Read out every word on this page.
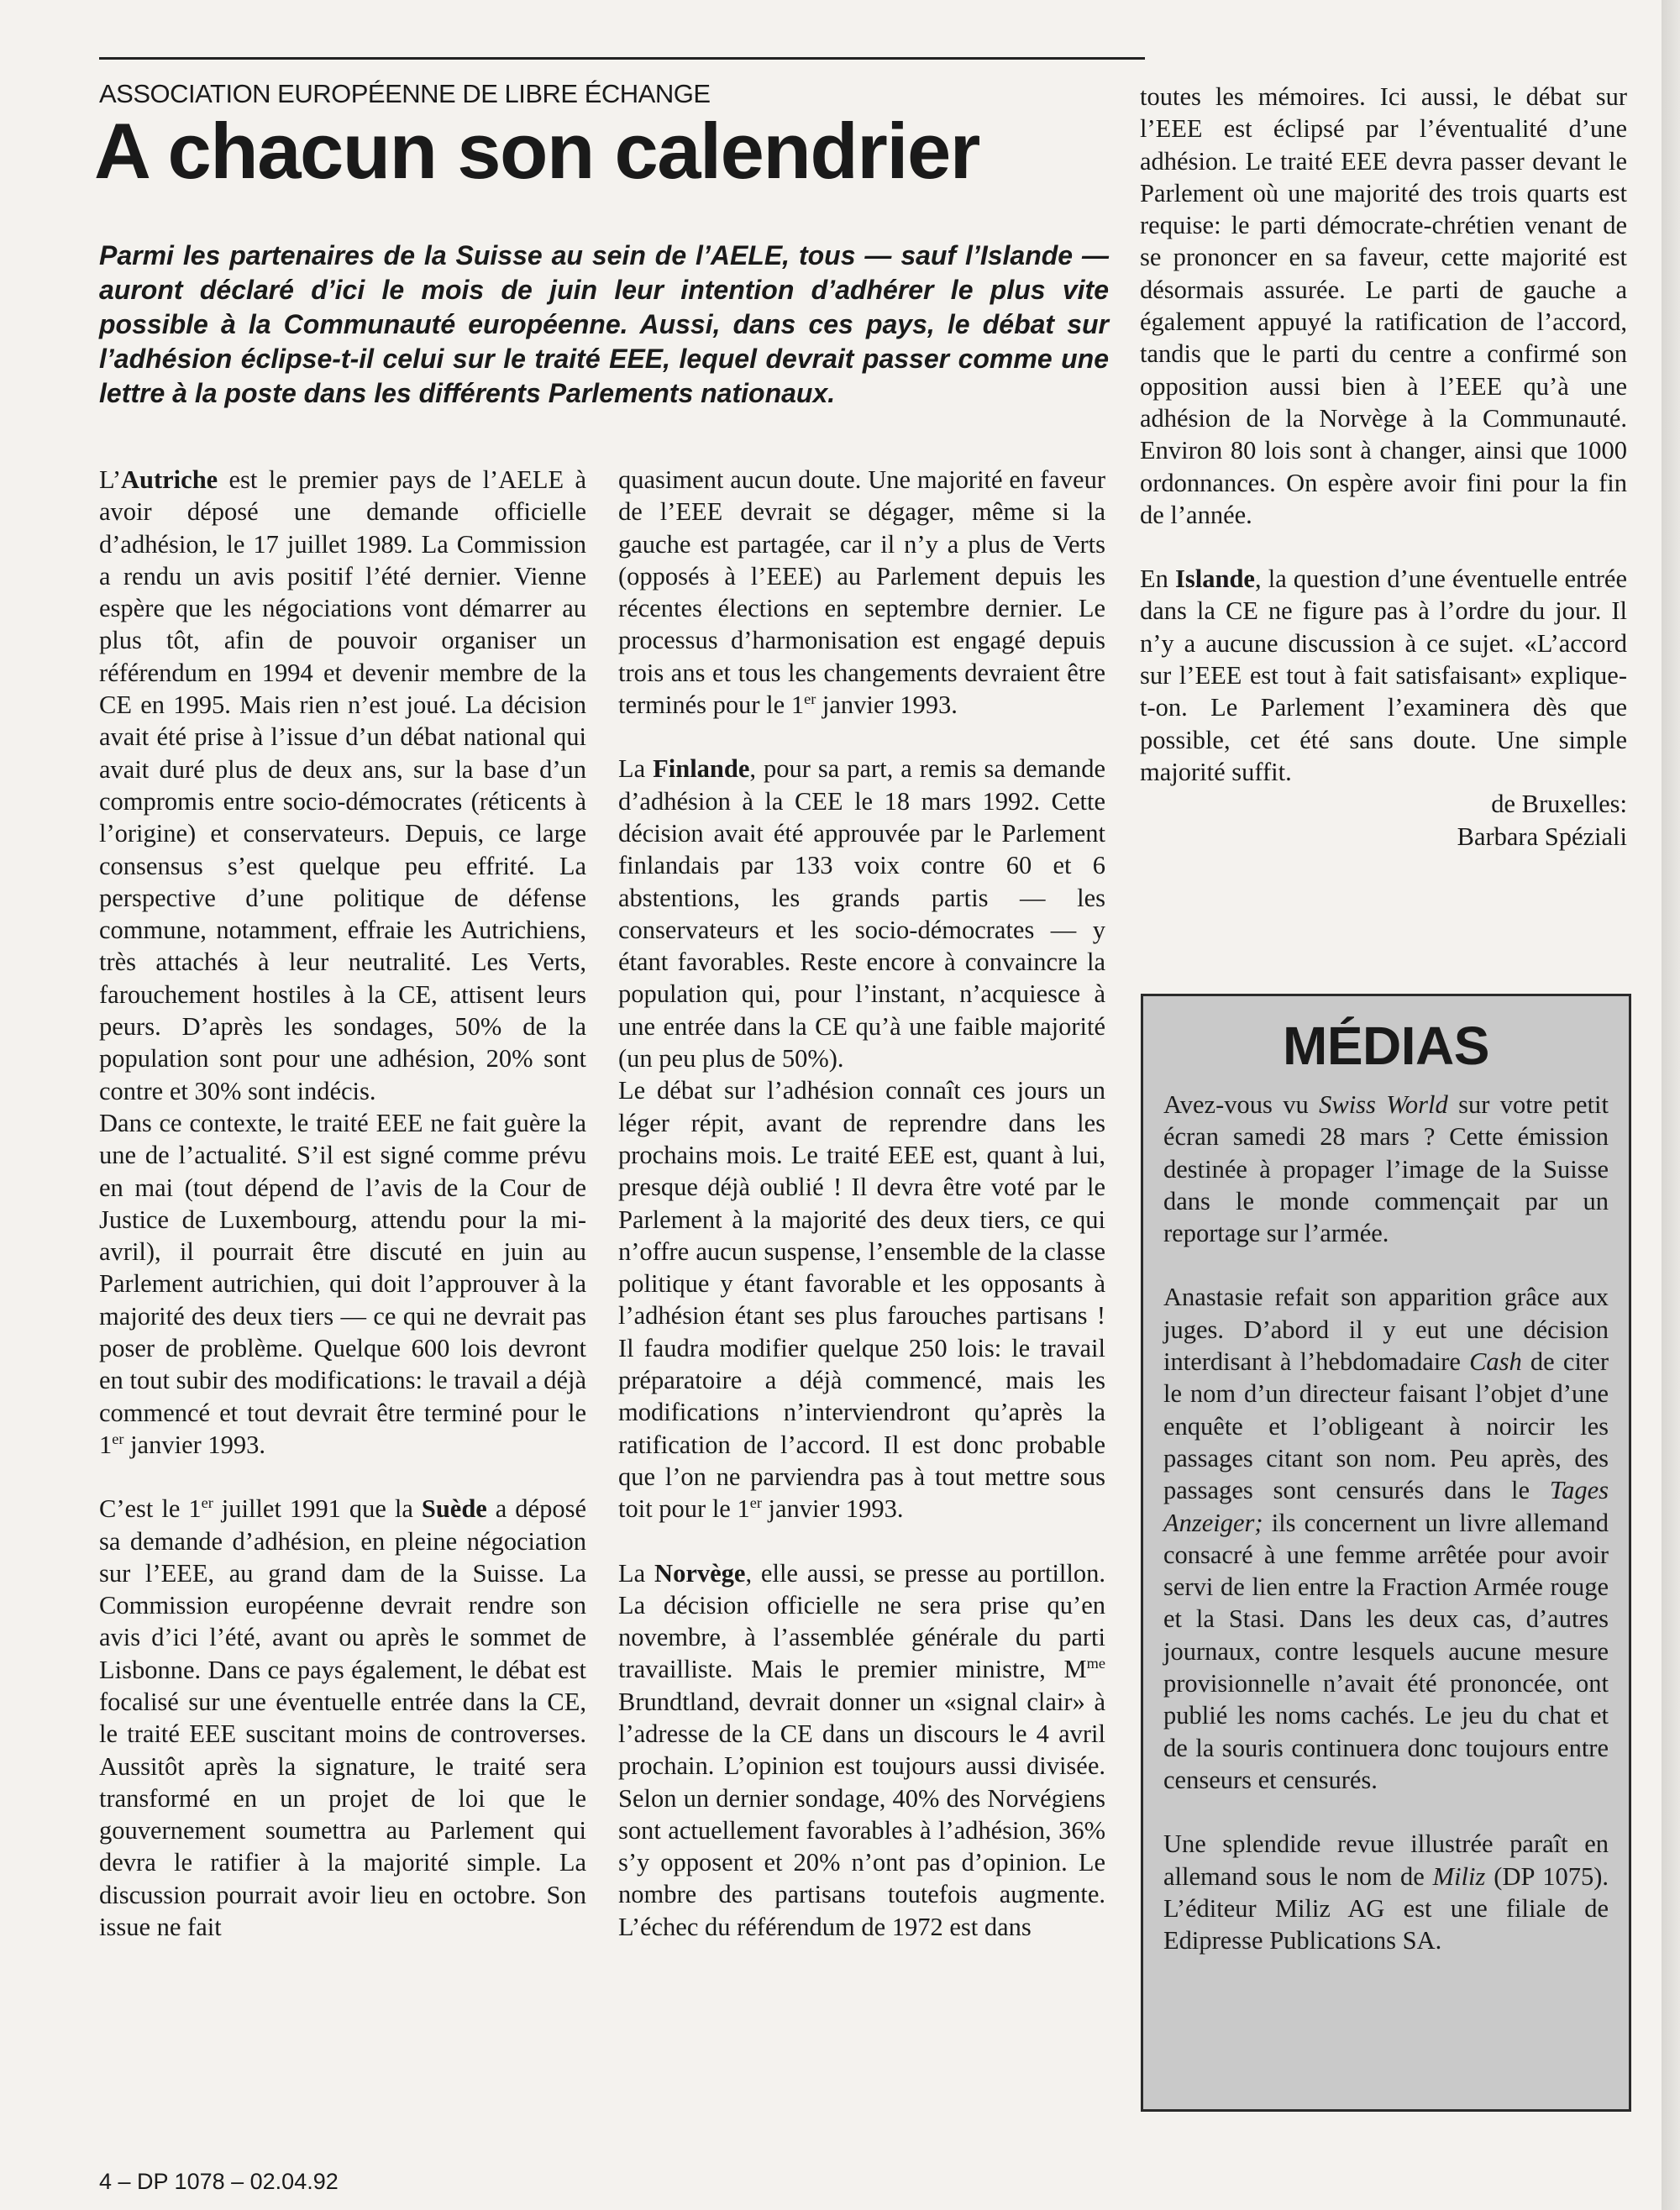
ASSOCIATION EUROPÉENNE DE LIBRE ÉCHANGE
A chacun son calendrier

Parmi les partenaires de la Suisse au sein de l’AELE, tous — sauf l’Islande — auront déclaré d’ici le mois de juin leur intention d’adhérer le plus vite possible à la Communauté européenne. Aussi, dans ces pays, le débat sur l’adhésion éclipse-t-il celui sur le traité EEE, lequel devrait passer comme une lettre à la poste dans les différents Parlements nationaux.

L’Autriche est le premier pays de l’AELE à avoir déposé une demande officielle d’adhésion, le 17 juillet 1989. La Commission a rendu un avis positif l’été dernier. Vienne espère que les négociations vont démarrer au plus tôt, afin de pouvoir organiser un référendum en 1994 et devenir membre de la CE en 1995. Mais rien n’est joué. La décision avait été prise à l’issue d’un débat national qui avait duré plus de deux ans, sur la base d’un compromis entre socio-démocrates (réticents à l’origine) et conservateurs. Depuis, ce large consensus s’est quelque peu effrité. La perspective d’une politique de défense commune, notamment, effraie les Autrichiens, très attachés à leur neutralité. Les Verts, farouchement hostiles à la CE, attisent leurs peurs. D’après les sondages, 50% de la population sont pour une adhésion, 20% sont contre et 30% sont indécis.

Dans ce contexte, le traité EEE ne fait guère la une de l’actualité. S’il est signé comme prévu en mai (tout dépend de l’avis de la Cour de Justice de Luxembourg, attendu pour la mi-avril), il pourrait être discuté en juin au Parlement autrichien, qui doit l’approuver à la majorité des deux tiers — ce qui ne devrait pas poser de problème. Quelque 600 lois devront en tout subir des modifications: le travail a déjà commencé et tout devrait être terminé pour le 1er janvier 1993.

C’est le 1er juillet 1991 que la Suède a déposé sa demande d’adhésion, en pleine négociation sur l’EEE, au grand dam de la Suisse. La Commission européenne devrait rendre son avis d’ici l’été, avant ou après le sommet de Lisbonne. Dans ce pays également, le débat est focalisé sur une éventuelle entrée dans la CE, le traité EEE suscitant moins de controverses. Aussitôt après la signature, le traité sera transformé en un projet de loi que le gouvernement soumettra au Parlement qui devra le ratifier à la majorité simple. La discussion pourrait avoir lieu en octobre. Son issue ne fait

quasiment aucun doute. Une majorité en faveur de l’EEE devrait se dégager, même si la gauche est partagée, car il n’y a plus de Verts (opposés à l’EEE) au Parlement depuis les récentes élections en septembre dernier. Le processus d’harmonisation est engagé depuis trois ans et tous les changements devraient être terminés pour le 1er janvier 1993.

La Finlande, pour sa part, a remis sa demande d’adhésion à la CEE le 18 mars 1992. Cette décision avait été approuvée par le Parlement finlandais par 133 voix contre 60 et 6 abstentions, les grands partis — les conservateurs et les socio-démocrates — y étant favorables. Reste encore à convaincre la population qui, pour l’instant, n’acquiesce à une entrée dans la CE qu’à une faible majorité (un peu plus de 50%).

Le débat sur l’adhésion connaît ces jours un léger répit, avant de reprendre dans les prochains mois. Le traité EEE est, quant à lui, presque déjà oublié ! Il devra être voté par le Parlement à la majorité des deux tiers, ce qui n’offre aucun suspense, l’ensemble de la classe politique y étant favorable et les opposants à l’adhésion étant ses plus farouches partisans ! Il faudra modifier quelque 250 lois: le travail préparatoire a déjà commencé, mais les modifications n’interviendront qu’après la ratification de l’accord. Il est donc probable que l’on ne parviendra pas à tout mettre sous toit pour le 1er janvier 1993.

La Norvège, elle aussi, se presse au portillon. La décision officielle ne sera prise qu’en novembre, à l’assemblée générale du parti travailliste. Mais le premier ministre, $M^{me}$ Brundtland, devrait donner un «signal clair» à l’adresse de la CE dans un discours le 4 avril prochain. L’opinion est toujours aussi divisée. Selon un dernier sondage, 40% des Norvégiens sont actuellement favorables à l’adhésion, 36% s’y opposent et 20% n’ont pas d’opinion. Le nombre des partisans toutefois augmente. L’échec du référendum de 1972 est dans

toutes les mémoires. Ici aussi, le débat sur l’EEE est éclipsé par l’éventualité d’une adhésion. Le traité EEE devra passer devant le Parlement où une majorité des trois quarts est requise: le parti démocrate-chrétien venant de se prononcer en sa faveur, cette majorité est désormais assurée. Le parti de gauche a également appuyé la ratification de l’accord, tandis que le parti du centre a confirmé son opposition aussi bien à l’EEE qu’à une adhésion de la Norvège à la Communauté. Environ 80 lois sont à changer, ainsi que 1000 ordonnances. On espère avoir fini pour la fin de l’année.

En Islande, la question d’une éventuelle entrée dans la CE ne figure pas à l’ordre du jour. Il n’y a aucune discussion à ce sujet. «L’accord sur l’EEE est tout à fait satisfaisant» explique-t-on. Le Parlement l’examinera dès que possible, cet été sans doute. Une simple majorité suffit.

de Bruxelles:
Barbara Spéziali

MÉDIAS

Avez-vous vu Swiss World sur votre petit écran samedi 28 mars ? Cette émission destinée à propager l’image de la Suisse dans le monde commençait par un reportage sur l’armée.

Anastasie refait son apparition grâce aux juges. D’abord il y eut une décision interdisant à l’hebdomadaire Cash de citer le nom d’un directeur faisant l’objet d’une enquête et l’obligeant à noircir les passages citant son nom. Peu après, des passages sont censurés dans le Tages Anzeiger; ils concernent un livre allemand consacré à une femme arrêtée pour avoir servi de lien entre la Fraction Armée rouge et la Stasi. Dans les deux cas, d’autres journaux, contre lesquels aucune mesure provisionnelle n’avait été prononcée, ont publié les noms cachés. Le jeu du chat et de la souris continuera donc toujours entre censeurs et censurés.

Une splendide revue illustrée paraît en allemand sous le nom de Miliz (DP 1075). L’éditeur Miliz AG est une filiale de Edipresse Publications SA.

4 – DP 1078 – 02.04.92
